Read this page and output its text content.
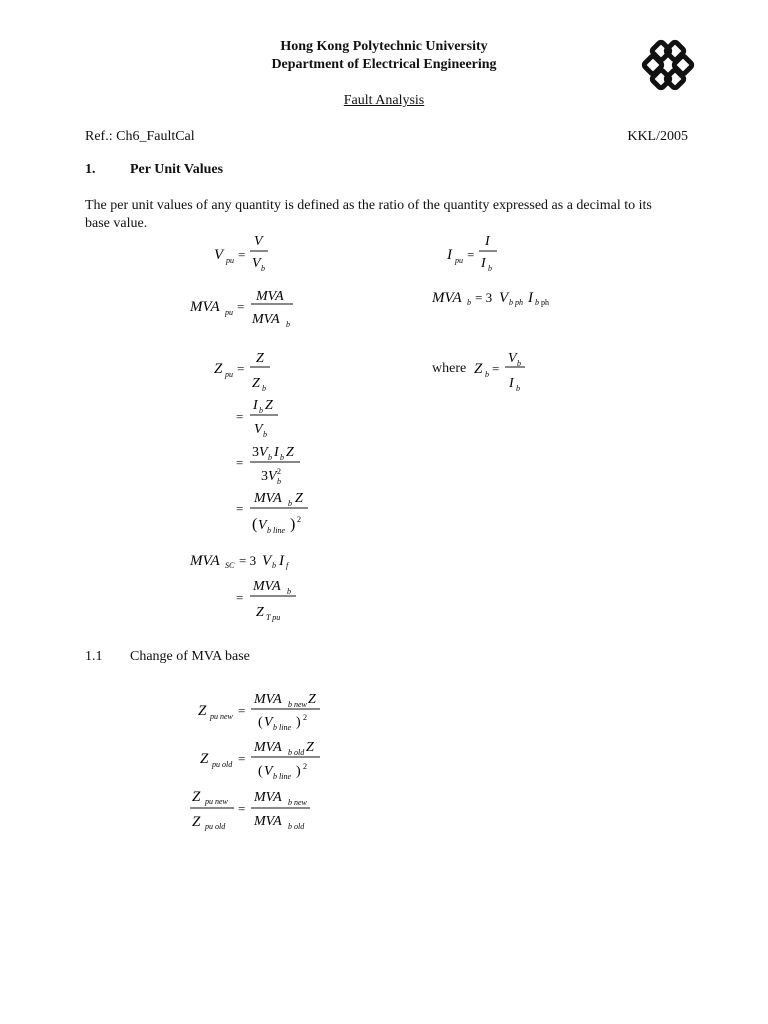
Hong Kong Polytechnic University
Department of Electrical Engineering
Fault Analysis
Ref.: Ch6_FaultCal	KKL/2005
1. Per Unit Values
The per unit values of any quantity is defined as the ratio of the quantity expressed as a decimal to its
base value.
V pu =
V
V b
I pu =
I
I b
MVA pu =
MVA
MVA b
MVA b = 3 V b ph I b ph
Z pu =
Z
Z b
=
I b Z
V b
=
3 V b I b Z
3 V 2
b
=
MVA b Z
( V b line ) 2
where Z b =
V b
I b
MVA SC = 3 V b I f
=
MVA b
Z T pu
1.1 Change of MVA base
Z pu new =
MVA b new Z
( V b line ) 2
Z pu old =
MVA b old Z
( V b line ) 2
Z pu new
Z pu old
=
MVA b new
MVA b old
